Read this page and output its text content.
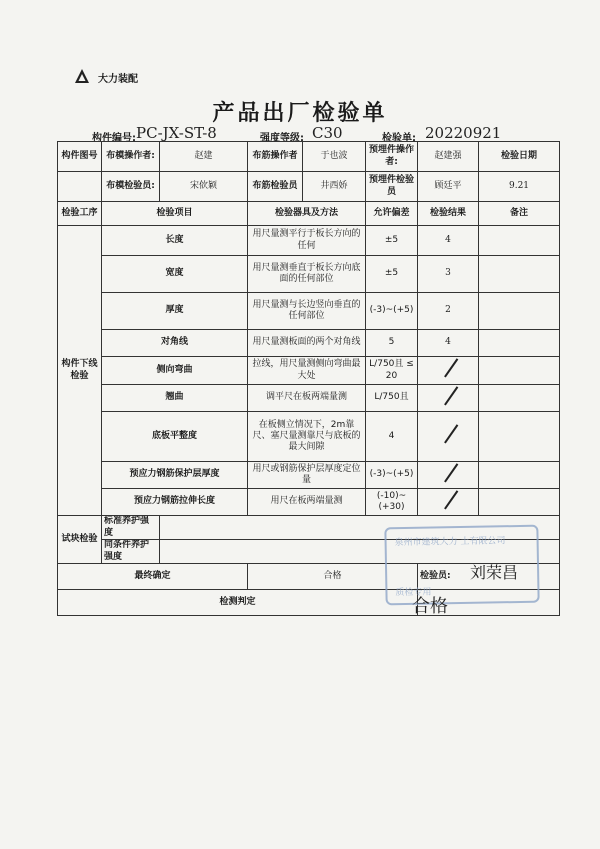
大力装配
产品出厂检验单
构件编号: PC-JX-ST-8	强度等级: C30	检验单: 20220921
构件图号	布模操作者:	赵建	布筋操作者	于也波	预埋件操作者:	赵建强	检验日期
	布模检验员:	宋佽颖	布筋检验员	井西娇	预埋件检验员	顾廷平	9.21
检验工序	检验项目		检验器具及方法		允许偏差	检验结果	备注
构件下线检验	长度		用尺量测平行于板长方向的任何		±5	4	
	宽度		用尺量测垂直于板长方向底面的任何部位		±5	3	
	厚度		用尺量测与长边竖向垂直的任何部位		(-3)~(+5)	2	
	对角线		用尺量测板面的两个对角线		5	4	
	侧向弯曲		拉线，用尺量测侧向弯曲最大处		L/750且 ≤ 20		
	翘曲		调平尺在板两端量测		L/750且		
	底板平整度		在板侧立情况下，2m靠尺、塞尺量测靠尺与底板的最大间隙		4		
	预应力钢筋保护层厚度		用尺或钢筋保护层厚度定位量		(-3)~(+5)		
	预应力钢筋拉伸长度		用尺在板两端量测		(-10)~(+30)		
试块检验	标准养护强度						
	同条件养护强度						
最终确定			合格			检验员:	
检测判定							
泉州市建筑大力 土有限公司
质检专用
刘荣昌
合格
